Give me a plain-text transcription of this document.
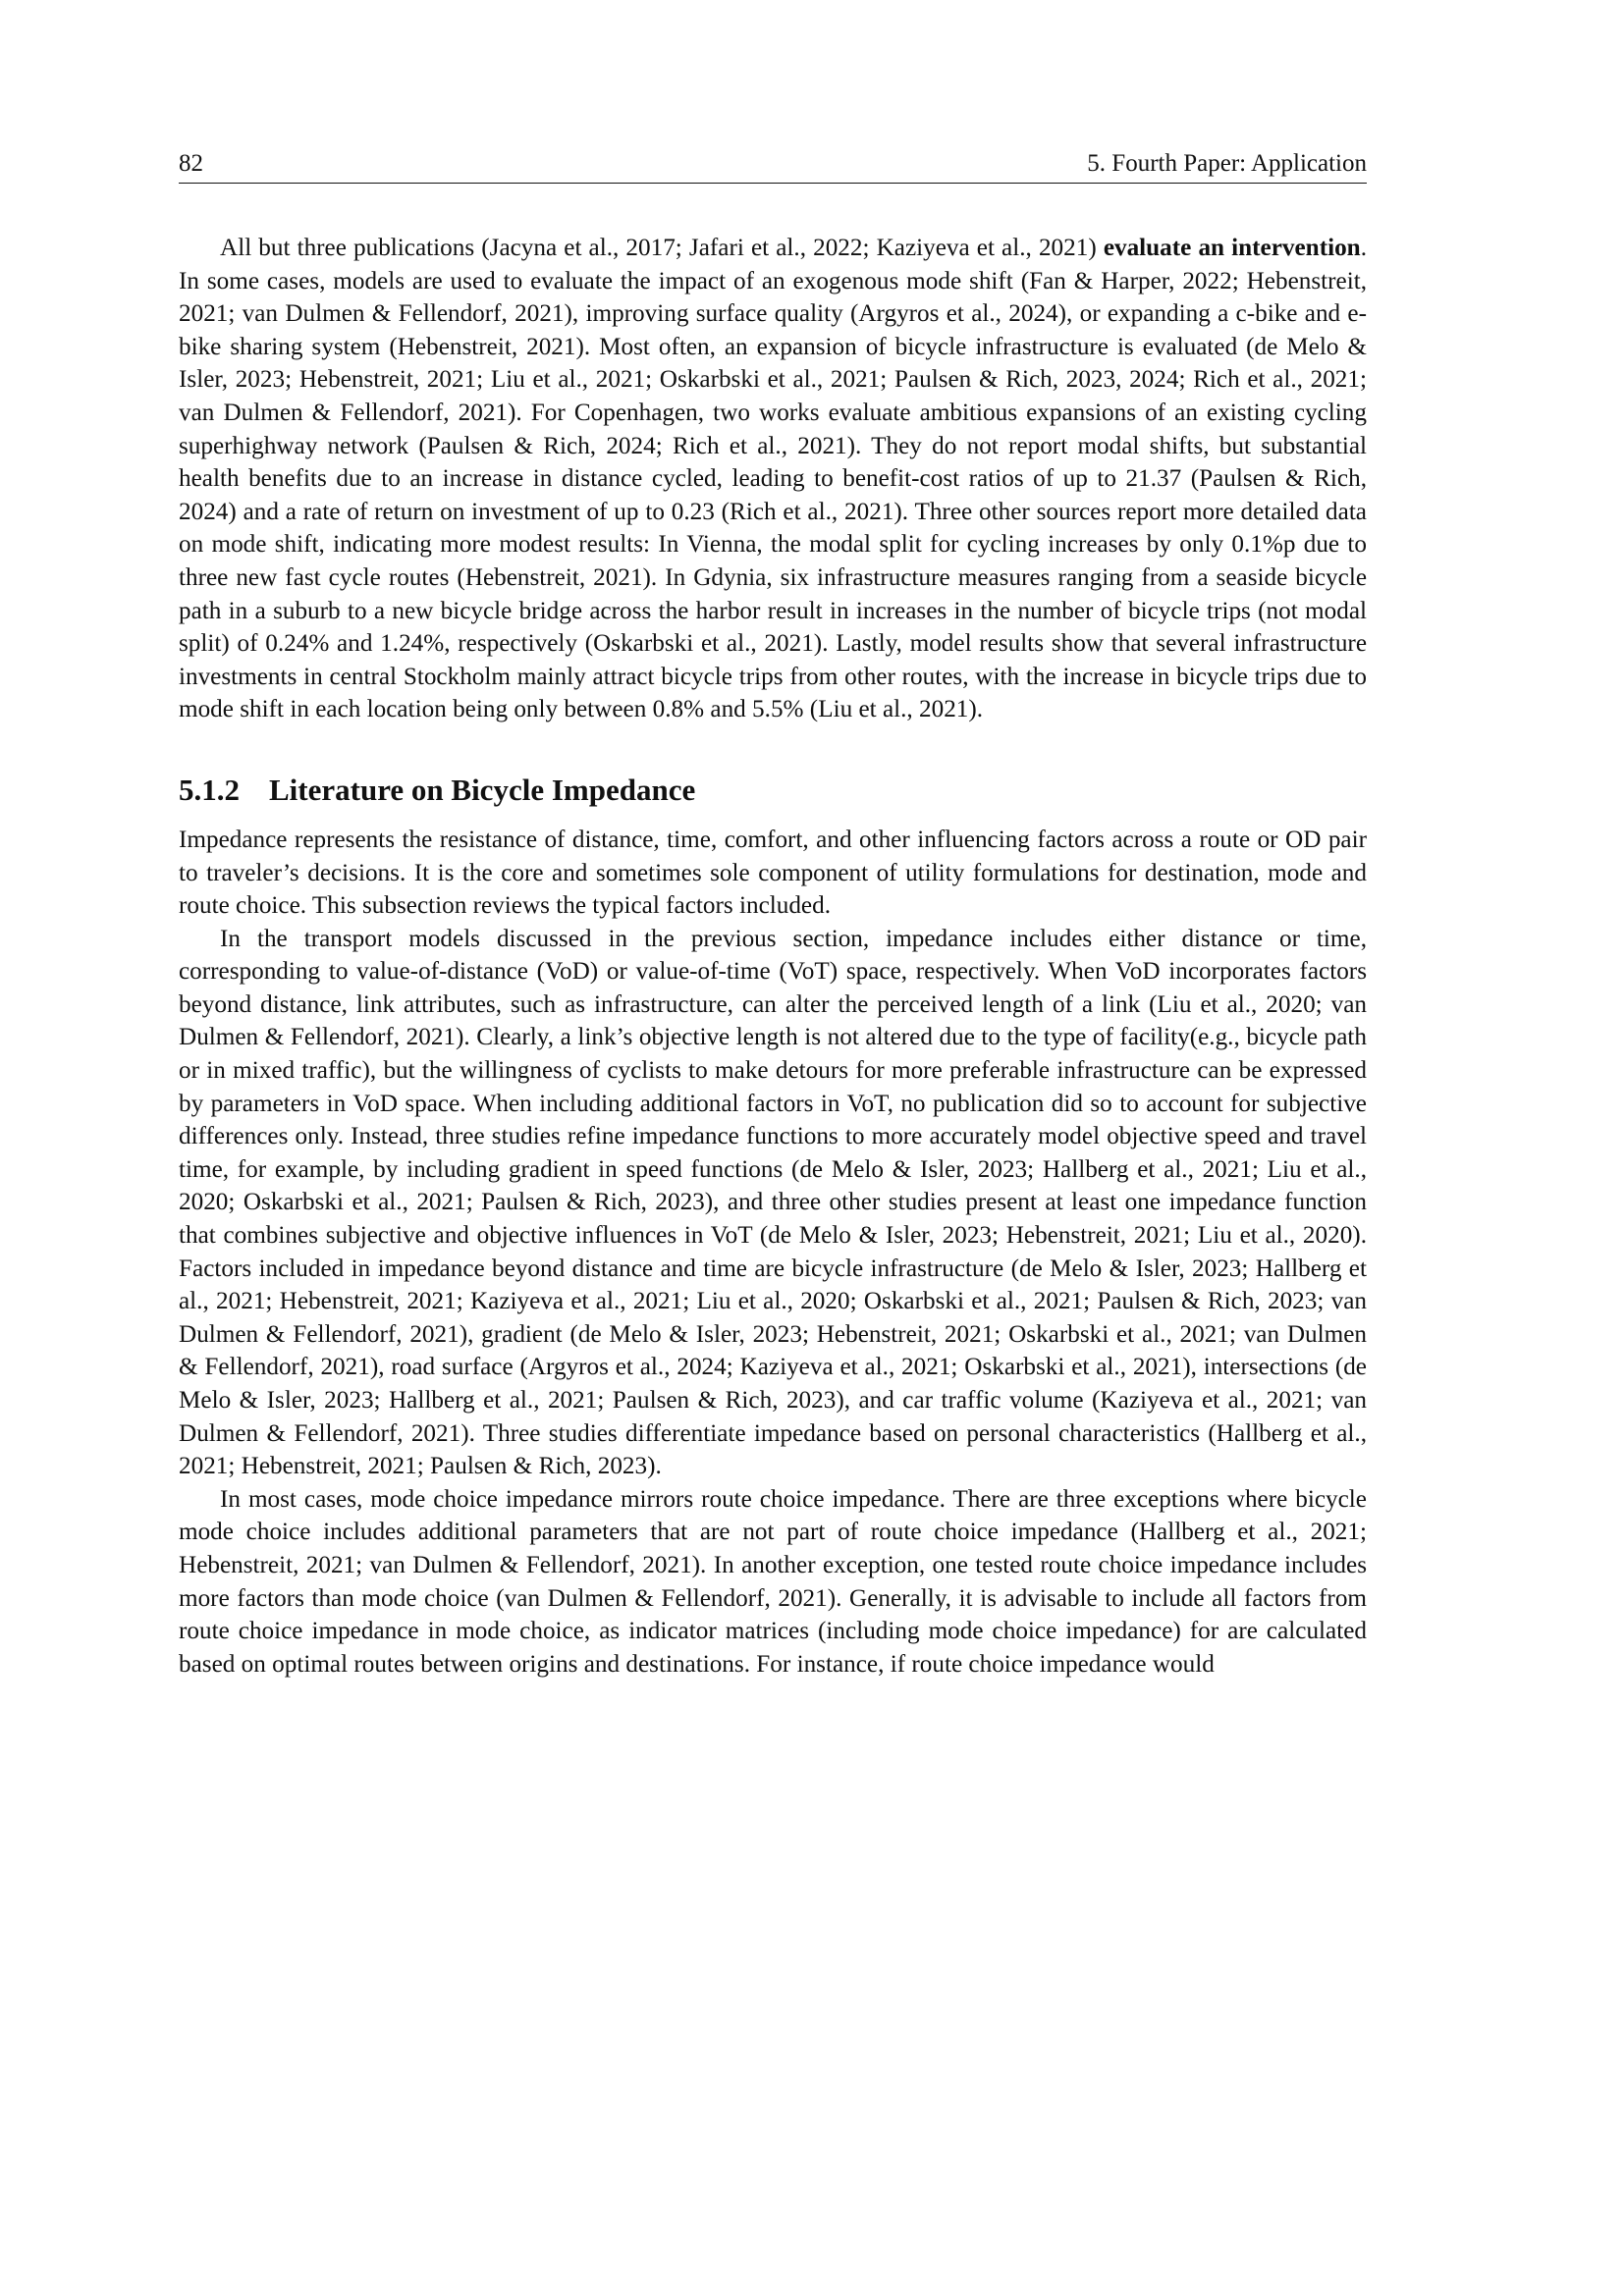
82	5. Fourth Paper: Application

All but three publications (Jacyna et al., 2017; Jafari et al., 2022; Kaziyeva et al., 2021) evaluate an intervention. In some cases, models are used to evaluate the impact of an exogenous mode shift (Fan & Harper, 2022; Hebenstreit, 2021; van Dulmen & Fellendorf, 2021), improving surface quality (Argyros et al., 2024), or expanding a c-bike and e-bike sharing system (Hebenstreit, 2021). Most often, an expansion of bicycle infrastructure is evaluated (de Melo & Isler, 2023; Hebenstreit, 2021; Liu et al., 2021; Oskarbski et al., 2021; Paulsen & Rich, 2023, 2024; Rich et al., 2021; van Dulmen & Fellendorf, 2021). For Copenhagen, two works evaluate ambitious expansions of an existing cycling superhighway network (Paulsen & Rich, 2024; Rich et al., 2021). They do not report modal shifts, but substantial health benefits due to an increase in distance cycled, leading to benefit-cost ratios of up to 21.37 (Paulsen & Rich, 2024) and a rate of return on investment of up to 0.23 (Rich et al., 2021). Three other sources report more detailed data on mode shift, indicating more modest results: In Vienna, the modal split for cycling increases by only 0.1%p due to three new fast cycle routes (Hebenstreit, 2021). In Gdynia, six infrastructure measures ranging from a seaside bicycle path in a suburb to a new bicycle bridge across the harbor result in increases in the number of bicycle trips (not modal split) of 0.24% and 1.24%, respectively (Oskarbski et al., 2021). Lastly, model results show that several infrastructure investments in central Stockholm mainly attract bicycle trips from other routes, with the increase in bicycle trips due to mode shift in each location being only between 0.8% and 5.5% (Liu et al., 2021).

5.1.2 Literature on Bicycle Impedance

Impedance represents the resistance of distance, time, comfort, and other influencing factors across a route or OD pair to traveler’s decisions. It is the core and sometimes sole component of utility formulations for destination, mode and route choice. This subsection reviews the typical factors included.

In the transport models discussed in the previous section, impedance includes either distance or time, corresponding to value-of-distance (VoD) or value-of-time (VoT) space, respectively. When VoD incorporates factors beyond distance, link attributes, such as infrastructure, can alter the perceived length of a link (Liu et al., 2020; van Dulmen & Fellendorf, 2021). Clearly, a link’s objective length is not altered due to the type of facility(e.g., bicycle path or in mixed traffic), but the willingness of cyclists to make detours for more preferable infrastructure can be expressed by parameters in VoD space. When including additional factors in VoT, no publication did so to account for subjective differences only. Instead, three studies refine impedance functions to more accurately model objective speed and travel time, for example, by including gradient in speed functions (de Melo & Isler, 2023; Hallberg et al., 2021; Liu et al., 2020; Oskarbski et al., 2021; Paulsen & Rich, 2023), and three other studies present at least one impedance function that combines subjective and objective influences in VoT (de Melo & Isler, 2023; Hebenstreit, 2021; Liu et al., 2020). Factors included in impedance beyond distance and time are bicycle infrastructure (de Melo & Isler, 2023; Hallberg et al., 2021; Hebenstreit, 2021; Kaziyeva et al., 2021; Liu et al., 2020; Oskarbski et al., 2021; Paulsen & Rich, 2023; van Dulmen & Fellendorf, 2021), gradient (de Melo & Isler, 2023; Hebenstreit, 2021; Oskarbski et al., 2021; van Dulmen & Fellendorf, 2021), road surface (Argyros et al., 2024; Kaziyeva et al., 2021; Oskarbski et al., 2021), intersections (de Melo & Isler, 2023; Hallberg et al., 2021; Paulsen & Rich, 2023), and car traffic volume (Kaziyeva et al., 2021; van Dulmen & Fellendorf, 2021). Three studies differentiate impedance based on personal characteristics (Hallberg et al., 2021; Hebenstreit, 2021; Paulsen & Rich, 2023).

In most cases, mode choice impedance mirrors route choice impedance. There are three exceptions where bicycle mode choice includes additional parameters that are not part of route choice impedance (Hallberg et al., 2021; Hebenstreit, 2021; van Dulmen & Fellendorf, 2021). In another exception, one tested route choice impedance includes more factors than mode choice (van Dulmen & Fellendorf, 2021). Generally, it is advisable to include all factors from route choice impedance in mode choice, as indicator matrices (including mode choice impedance) for are calculated based on optimal routes between origins and destinations. For instance, if route choice impedance would
